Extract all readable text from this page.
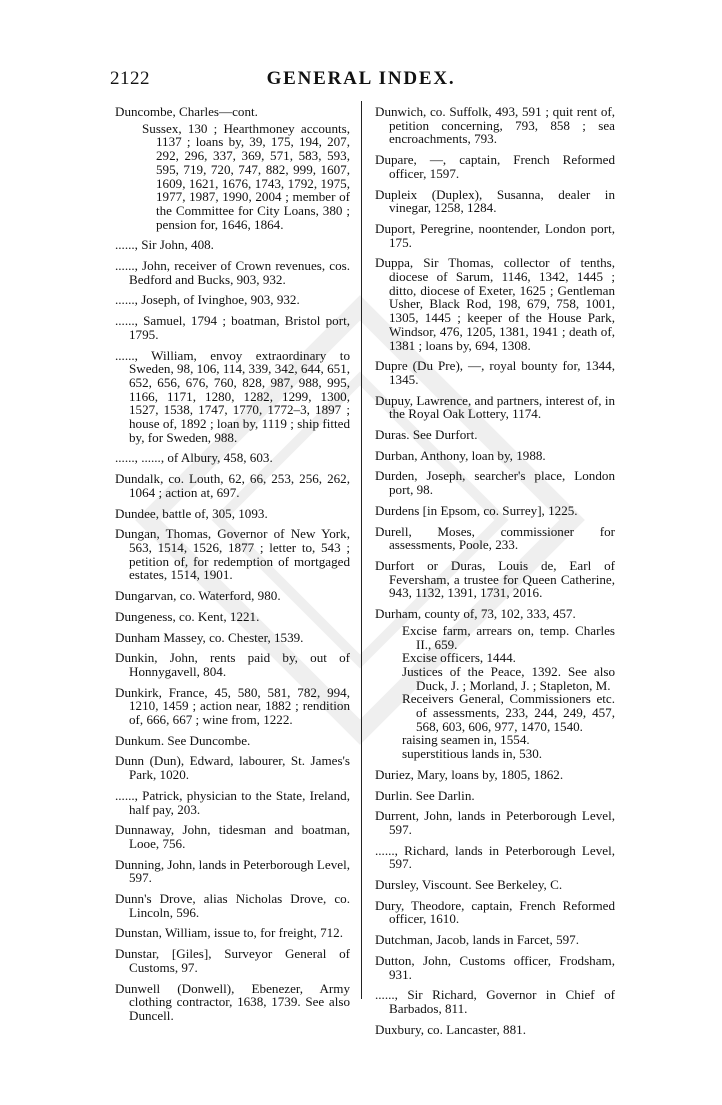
2122	GENERAL INDEX.
Duncombe, Charles—cont.
Sussex, 130 ; Hearthmoney accounts, 1137 ; loans by, 39, 175, 194, 207, 292, 296, 337, 369, 571, 583, 593, 595, 719, 720, 747, 882, 999, 1607, 1609, 1621, 1676, 1743, 1792, 1975, 1977, 1987, 1990, 2004 ; member of the Committee for City Loans, 380 ; pension for, 1646, 1864.
......, Sir John, 408.
......, John, receiver of Crown revenues, cos. Bedford and Bucks, 903, 932.
......, Joseph, of Ivinghoe, 903, 932.
......, Samuel, 1794 ; boatman, Bristol port, 1795.
......, William, envoy extraordinary to Sweden, 98, 106, 114, 339, 342, 644, 651, 652, 656, 676, 760, 828, 987, 988, 995, 1166, 1171, 1280, 1282, 1299, 1300, 1527, 1538, 1747, 1770, 1772–3, 1897 ; house of, 1892 ; loan by, 1119 ; ship fitted by, for Sweden, 988.
......, ......, of Albury, 458, 603.
Dundalk, co. Louth, 62, 66, 253, 256, 262, 1064 ; action at, 697.
Dundee, battle of, 305, 1093.
Dungan, Thomas, Governor of New York, 563, 1514, 1526, 1877 ; letter to, 543 ; petition of, for redemption of mortgaged estates, 1514, 1901.
Dungarvan, co. Waterford, 980.
Dungeness, co. Kent, 1221.
Dunham Massey, co. Chester, 1539.
Dunkin, John, rents paid by, out of Honnygavell, 804.
Dunkirk, France, 45, 580, 581, 782, 994, 1210, 1459 ; action near, 1882 ; rendition of, 666, 667 ; wine from, 1222.
Dunkum. See Duncombe.
Dunn (Dun), Edward, labourer, St. James's Park, 1020.
......, Patrick, physician to the State, Ireland, half pay, 203.
Dunnaway, John, tidesman and boatman, Looe, 756.
Dunning, John, lands in Peterborough Level, 597.
Dunn's Drove, alias Nicholas Drove, co. Lincoln, 596.
Dunstan, William, issue to, for freight, 712.
Dunstar, [Giles], Surveyor General of Customs, 97.
Dunwell (Donwell), Ebenezer, Army clothing contractor, 1638, 1739. See also Duncell.
Dunwich, co. Suffolk, 493, 591 ; quit rent of, petition concerning, 793, 858 ; sea encroachments, 793.
Dupare, —, captain, French Reformed officer, 1597.
Dupleix (Duplex), Susanna, dealer in vinegar, 1258, 1284.
Duport, Peregrine, noontender, London port, 175.
Duppa, Sir Thomas, collector of tenths, diocese of Sarum, 1146, 1342, 1445 ; ditto, diocese of Exeter, 1625 ; Gentleman Usher, Black Rod, 198, 679, 758, 1001, 1305, 1445 ; keeper of the House Park, Windsor, 476, 1205, 1381, 1941 ; death of, 1381 ; loans by, 694, 1308.
Dupre (Du Pre), —, royal bounty for, 1344, 1345.
Dupuy, Lawrence, and partners, interest of, in the Royal Oak Lottery, 1174.
Duras. See Durfort.
Durban, Anthony, loan by, 1988.
Durden, Joseph, searcher's place, London port, 98.
Durdens [in Epsom, co. Surrey], 1225.
Durell, Moses, commissioner for assessments, Poole, 233.
Durfort or Duras, Louis de, Earl of Feversham, a trustee for Queen Catherine, 943, 1132, 1391, 1731, 2016.
Durham, county of, 73, 102, 333, 457.
Excise farm, arrears on, temp. Charles II., 659.
Excise officers, 1444.
Justices of the Peace, 1392. See also Duck, J. ; Morland, J. ; Stapleton, M.
Receivers General, Commissioners etc. of assessments, 233, 244, 249, 457, 568, 603, 606, 977, 1470, 1540.
raising seamen in, 1554.
superstitious lands in, 530.
Duriez, Mary, loans by, 1805, 1862.
Durlin. See Darlin.
Durrent, John, lands in Peterborough Level, 597.
......, Richard, lands in Peterborough Level, 597.
Dursley, Viscount. See Berkeley, C.
Dury, Theodore, captain, French Reformed officer, 1610.
Dutchman, Jacob, lands in Farcet, 597.
Dutton, John, Customs officer, Frodsham, 931.
......, Sir Richard, Governor in Chief of Barbados, 811.
Duxbury, co. Lancaster, 881.
